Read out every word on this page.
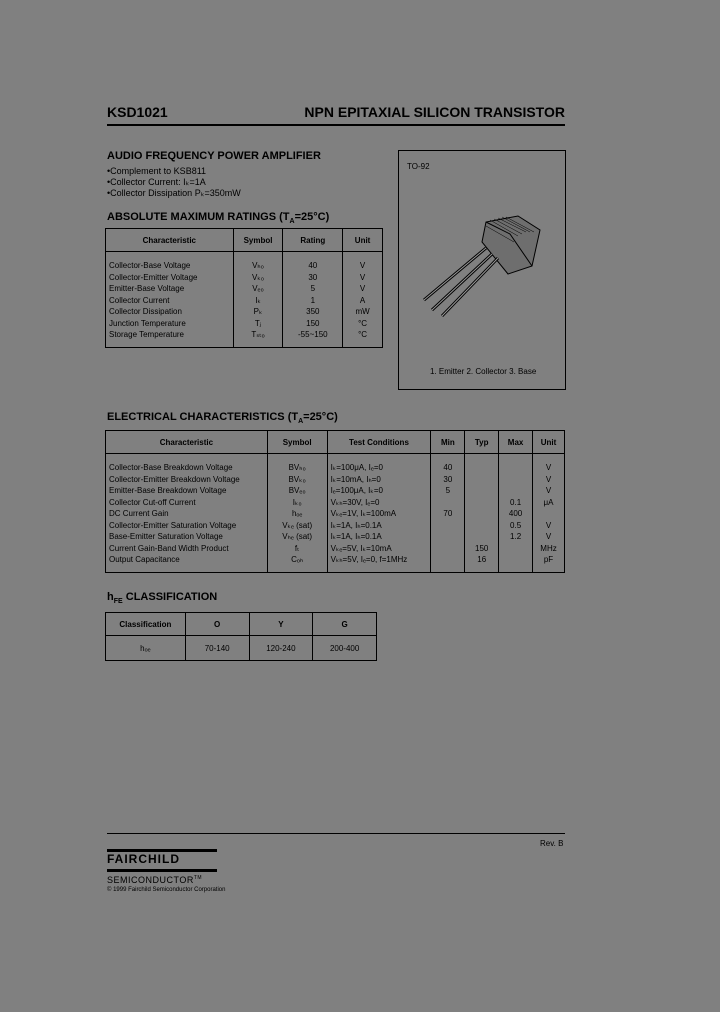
KSD1021	NPN EPITAXIAL SILICON TRANSISTOR
AUDIO FREQUENCY POWER AMPLIFIER
• Complement to KSB811
• Collector Current: Iₖ=1A
• Collector Dissipation Pₖ=350mW
TO-92
1. Emitter 2. Collector 3. Base
ABSOLUTE MAXIMUM RATINGS $(T_A=25^\circ C)$
Characteristic	Symbol	Rating	Unit
Collector-Base Voltage	Vₕ₀	40	V
Collector-Emitter Voltage	Vₖ₀	30	V
Emitter-Base Voltage	Vₑ₀	5	V
Collector Current	Iₖ	1	A
Collector Dissipation	Pₖ	350	mW
Junction Temperature	Tⱼ	150	°C
Storage Temperature	Tₛₜₒ	-55~150	°C
ELECTRICAL CHARACTERISTICS $(T_A=25^\circ C)$
Characteristic	Symbol	Test Conditions	Min	Typ	Max	Unit
Collector-Base Breakdown Voltage	BVₕ₀	Iₖ=100μA, Iₑ=0	40			V
Collector-Emitter Breakdown Voltage	BVₖ₀	Iₖ=10mA, Iₕ=0	30			V
Emitter-Base Breakdown Voltage	BVₑ₀	Iₑ=100μA, Iₖ=0	5			V
Collector Cut-off Current	Iₖ₀	Vₖₕ=30V, Iₑ=0			0.1	μA
DC Current Gain	hₒₑ	Vₖₑ=1V, Iₖ=100mA	70		400	
Collector-Emitter Saturation Voltage	Vₖₑ (sat)	Iₖ=1A, Iₕ=0.1A			0.5	V
Base-Emitter Saturation Voltage	Vₕₑ (sat)	Iₖ=1A, Iₕ=0.1A			1.2	V
Current Gain-Band Width Product	fₜ	Vₖₑ=5V, Iₖ=10mA		150		MHz
Output Capacitance	Cₒₕ	Vₖₕ=5V, Iₑ=0, f=1MHz		16		pF
$h_{FE}$ CLASSIFICATION
Classification	O	Y	G
hₒₑ	70-140	120-240	200-400
Rev. B
FAIRCHILD
SEMICONDUCTOR™
© 1999 Fairchild Semiconductor Corporation
